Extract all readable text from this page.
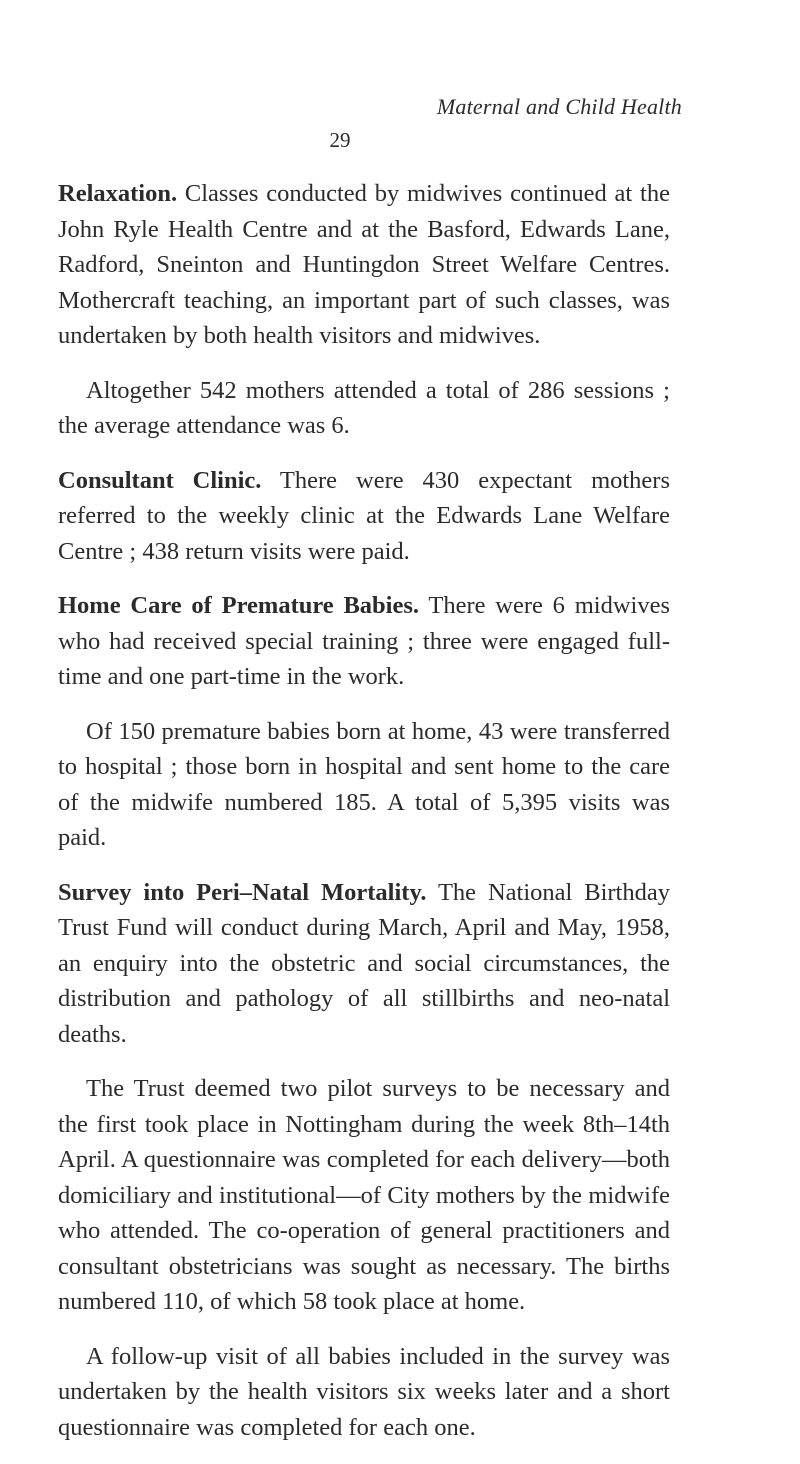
Maternal and Child Health
29

Relaxation. Classes conducted by midwives continued at the John Ryle Health Centre and at the Basford, Edwards Lane, Radford, Sneinton and Huntingdon Street Welfare Centres. Mothercraft teaching, an important part of such classes, was undertaken by both health visitors and midwives.

Altogether 542 mothers attended a total of 286 sessions ; the average attendance was 6.

Consultant Clinic. There were 430 expectant mothers referred to the weekly clinic at the Edwards Lane Welfare Centre ; 438 return visits were paid.

Home Care of Premature Babies. There were 6 midwives who had received special training ; three were engaged full-time and one part-time in the work.

Of 150 premature babies born at home, 43 were transferred to hospital ; those born in hospital and sent home to the care of the midwife numbered 185. A total of 5,395 visits was paid.

Survey into Peri–Natal Mortality. The National Birthday Trust Fund will conduct during March, April and May, 1958, an enquiry into the obstetric and social circumstances, the distribution and pathology of all stillbirths and neo-natal deaths.

The Trust deemed two pilot surveys to be necessary and the first took place in Nottingham during the week 8th–14th April. A questionnaire was completed for each delivery—both domiciliary and institutional—of City mothers by the midwife who attended. The co-operation of general practitioners and consultant obstetricians was sought as necessary. The births numbered 110, of which 58 took place at home.

A follow-up visit of all babies included in the survey was undertaken by the health visitors six weeks later and a short questionnaire was completed for each one.
